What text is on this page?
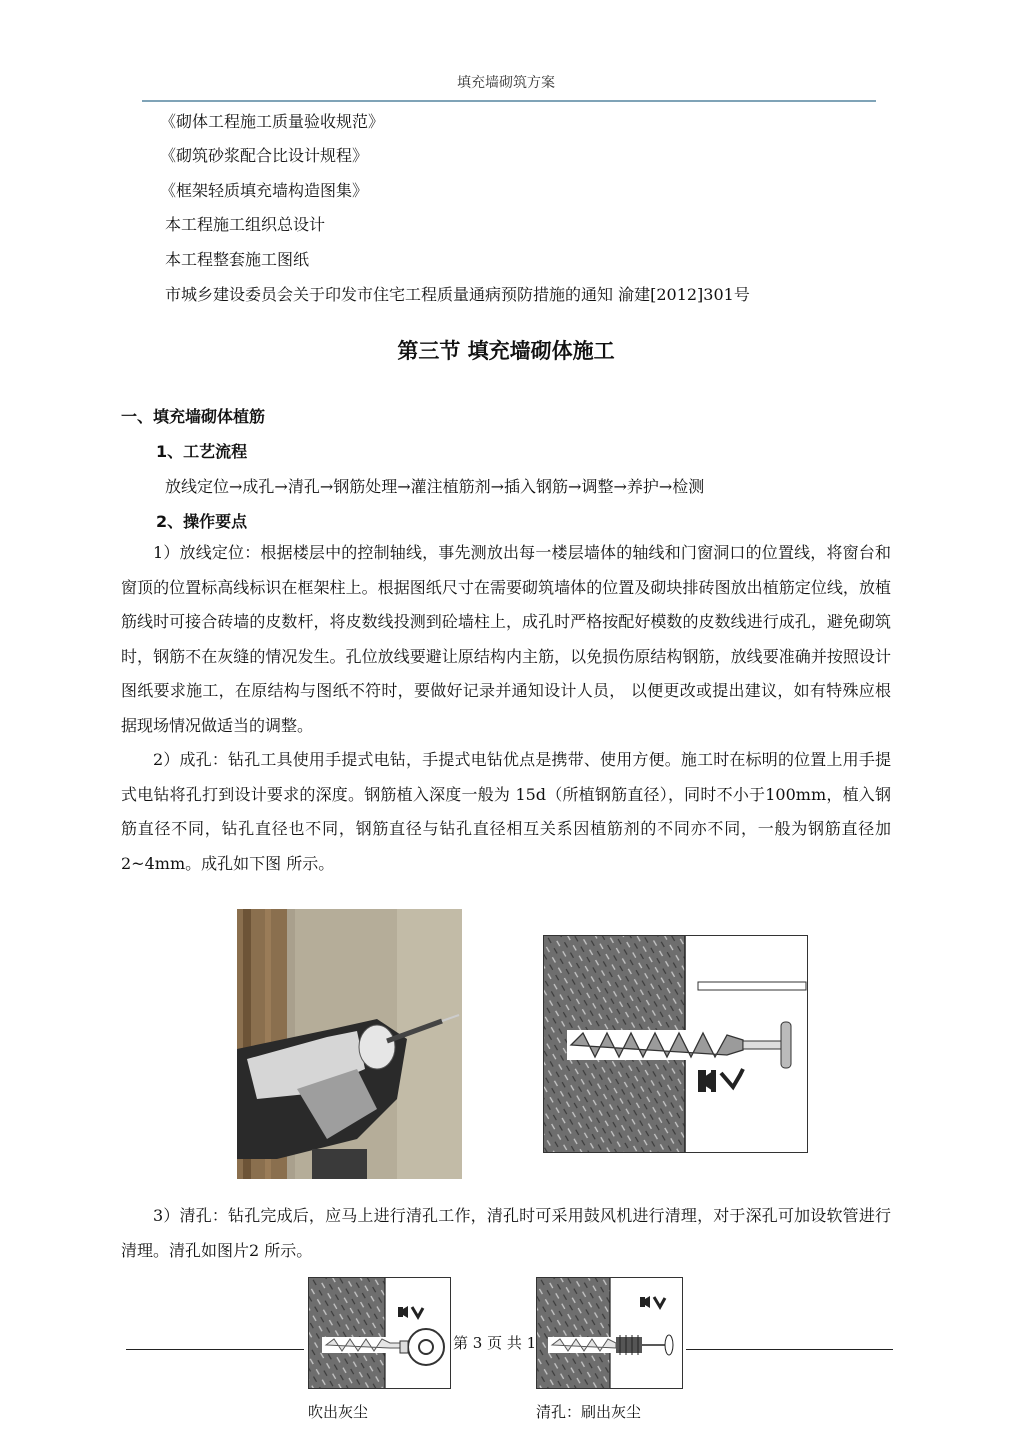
填充墙砌筑方案
《砌体工程施工质量验收规范》
《砌筑砂浆配合比设计规程》
《框架轻质填充墙构造图集》
本工程施工组织总设计
本工程整套施工图纸
市城乡建设委员会关于印发市住宅工程质量通病预防措施的通知 渝建[2012]301号
第三节 填充墙砌体施工
一、填充墙砌体植筋
1、工艺流程
放线定位→成孔→清孔→钢筋处理→灌注植筋剂→插入钢筋→调整→养护→检测
2、操作要点
1）放线定位：根据楼层中的控制轴线，事先测放出每一楼层墙体的轴线和门窗洞口的位置线，将窗台和窗顶的位置标高线标识在框架柱上。根据图纸尺寸在需要砌筑墙体的位置及砌块排砖图放出植筋定位线，放植筋线时可接合砖墙的皮数杆，将皮数线投测到砼墙柱上，成孔时严格按配好模数的皮数线进行成孔，避免砌筑时，钢筋不在灰缝的情况发生。孔位放线要避让原结构内主筋，以免损伤原结构钢筋，放线要准确并按照设计图纸要求施工，在原结构与图纸不符时，要做好记录并通知设计人员， 以便更改或提出建议，如有特殊应根据现场情况做适当的调整。
2）成孔：钻孔工具使用手提式电钻，手提式电钻优点是携带、使用方便。施工时在标明的位置上用手提式电钻将孔打到设计要求的深度。钢筋植入深度一般为 15d（所植钢筋直径），同时不小于100mm，植入钢筋直径不同，钻孔直径也不同，钢筋直径与钻孔直径相互关系因植筋剂的不同亦不同，一般为钢筋直径加2~4mm。成孔如下图 所示。
3）清孔：钻孔完成后，应马上进行清孔工作，清孔时可采用鼓风机进行清理，对于深孔可加设软管进行清理。清孔如图片2 所示。
第 3 页 共 1
吹出灰尘	清孔：刷出灰尘
